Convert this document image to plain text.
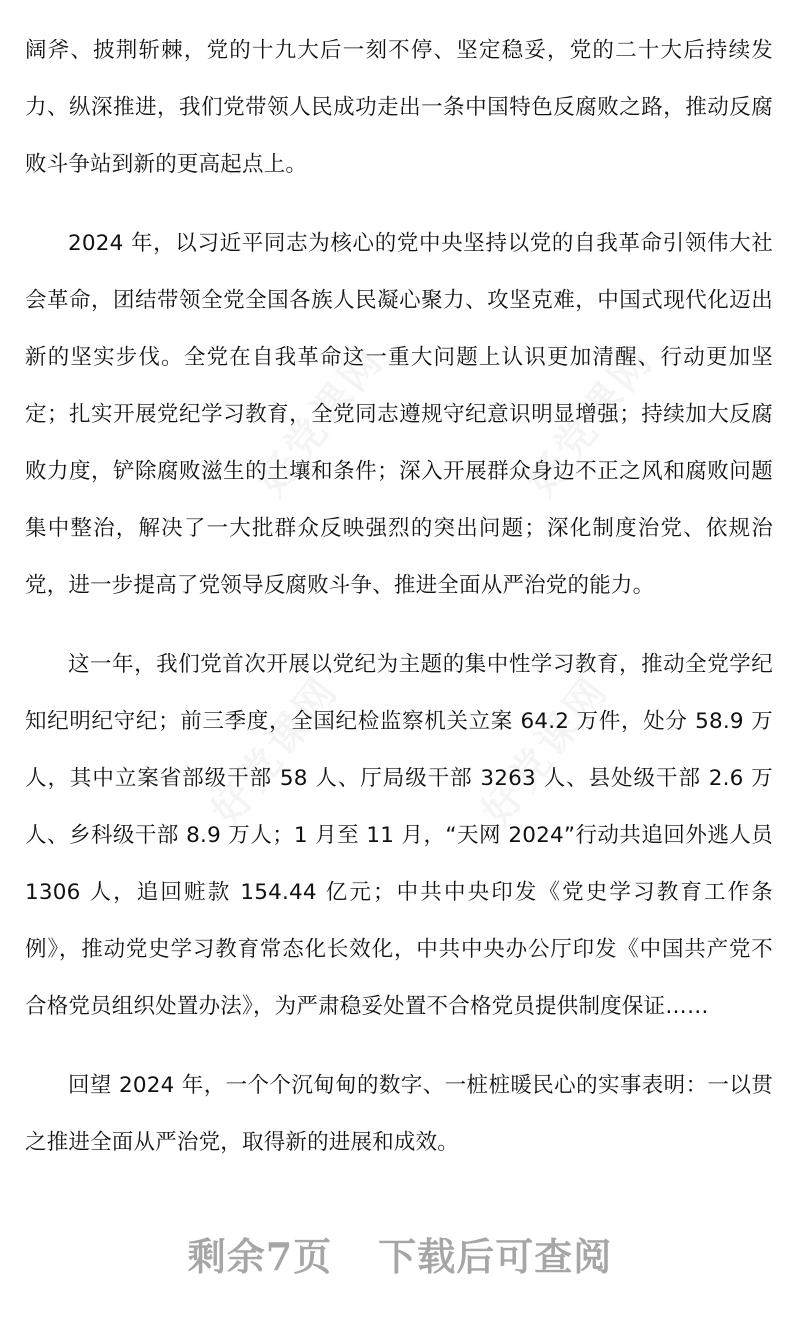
阔斧、披荆斩棘，党的十九大后一刻不停、坚定稳妥，党的二十大后持续发力、纵深推进，我们党带领人民成功走出一条中国特色反腐败之路，推动反腐败斗争站到新的更高起点上。

2024 年，以习近平同志为核心的党中央坚持以党的自我革命引领伟大社会革命，团结带领全党全国各族人民凝心聚力、攻坚克难，中国式现代化迈出新的坚实步伐。全党在自我革命这一重大问题上认识更加清醒、行动更加坚定；扎实开展党纪学习教育，全党同志遵规守纪意识明显增强；持续加大反腐败力度，铲除腐败滋生的土壤和条件；深入开展群众身边不正之风和腐败问题集中整治，解决了一大批群众反映强烈的突出问题；深化制度治党、依规治党，进一步提高了党领导反腐败斗争、推进全面从严治党的能力。

这一年，我们党首次开展以党纪为主题的集中性学习教育，推动全党学纪知纪明纪守纪；前三季度，全国纪检监察机关立案 64.2 万件，处分 58.9 万人，其中立案省部级干部 58 人、厅局级干部 3263 人、县处级干部 2.6 万人、乡科级干部 8.9 万人；1 月至 11 月，“天网 2024”行动共追回外逃人员 1306 人，追回赃款 154.44 亿元；中共中央印发《党史学习教育工作条例》，推动党史学习教育常态化长效化，中共中央办公厅印发《中国共产党不合格党员组织处置办法》，为严肃稳妥处置不合格党员提供制度保证……

回望 2024 年，一个个沉甸甸的数字、一桩桩暖民心的实事表明：一以贯之推进全面从严治党，取得新的进展和成效。

剩余7页 下载后可查阅
